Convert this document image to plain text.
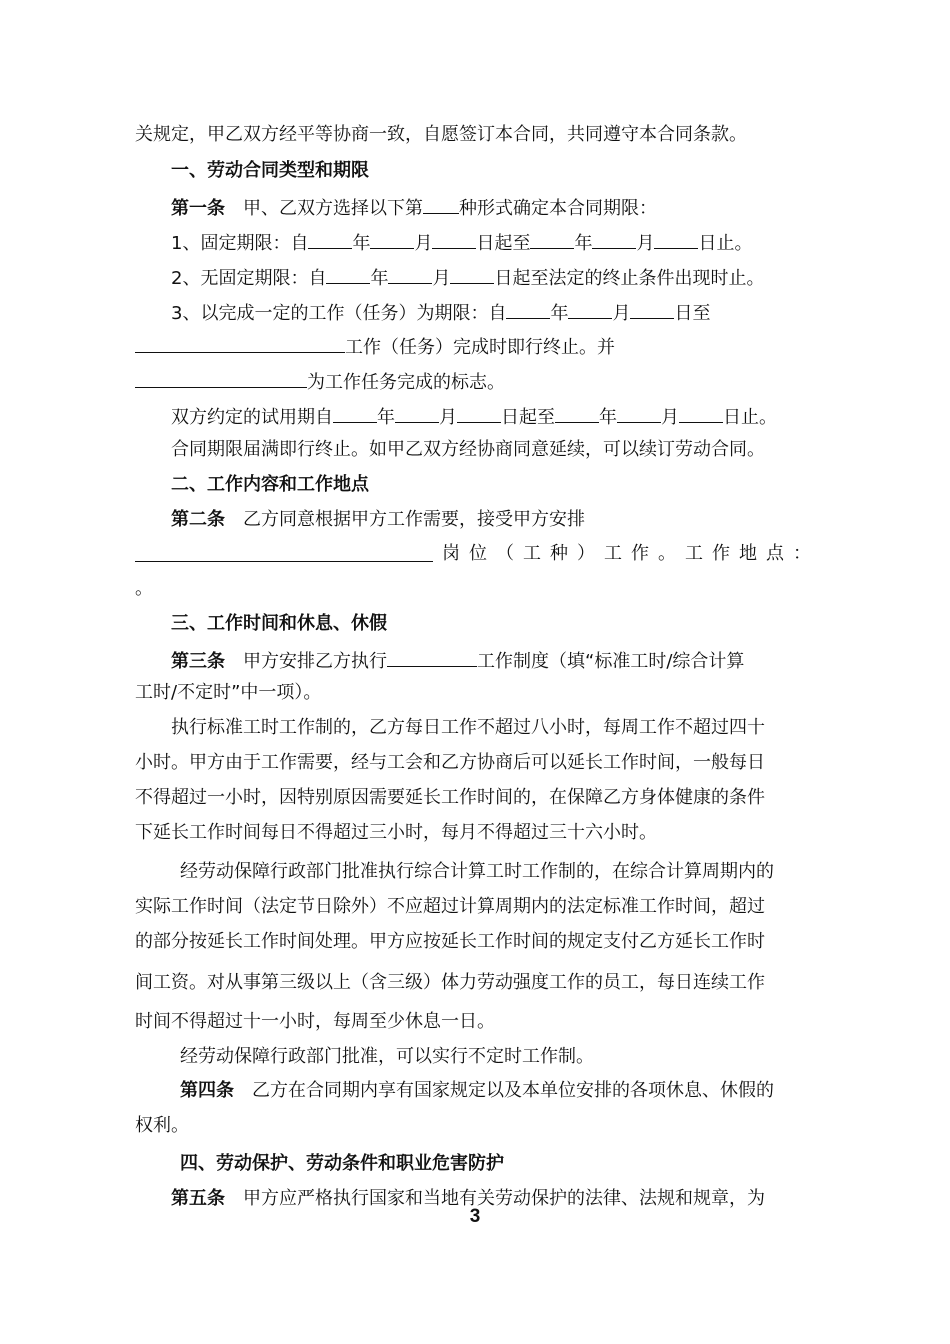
关规定，甲乙双方经平等协商一致，自愿签订本合同，共同遵守本合同条款。
一、劳动合同类型和期限
第一条 甲、乙双方选择以下第 种形式确定本合同期限：
1、固定期限：自 年 月 日起至 年 月 日止。
2、无固定期限：自 年 月 日起至法定的终止条件出现时止。
3、以完成一定的工作（任务）为期限：自 年 月 日至
工作（任务）完成时即行终止。并
为工作任务完成的标志。
双方约定的试用期自 年 月 日起至 年 月 日止。
合同期限届满即行终止。如甲乙双方经协商同意延续，可以续订劳动合同。
二、工作内容和工作地点
第二条 乙方同意根据甲方工作需要，接受甲方安排
岗 位 （ 工 种 ） 工 作 。 工 作 地 点 ：
。
三、工作时间和休息、休假
第三条 甲方安排乙方执行	工作制度（填“标准工时/综合计算
工时/不定时”中一项）。
执行标准工时工作制的，乙方每日工作不超过八小时，每周工作不超过四十
小时。甲方由于工作需要，经与工会和乙方协商后可以延长工作时间，一般每日
不得超过一小时，因特别原因需要延长工作时间的，在保障乙方身体健康的条件
下延长工作时间每日不得超过三小时，每月不得超过三十六小时。
经劳动保障行政部门批准执行综合计算工时工作制的，在综合计算周期内的
实际工作时间（法定节日除外）不应超过计算周期内的法定标准工作时间，超过
的部分按延长工作时间处理。甲方应按延长工作时间的规定支付乙方延长工作时
间工资。对从事第三级以上（含三级）体力劳动强度工作的员工，每日连续工作
时间不得超过十一小时，每周至少休息一日。
经劳动保障行政部门批准，可以实行不定时工作制。
第四条 乙方在合同期内享有国家规定以及本单位安排的各项休息、休假的
权利。
四、劳动保护、劳动条件和职业危害防护
第五条 甲方应严格执行国家和当地有关劳动保护的法律、法规和规章，为
3
